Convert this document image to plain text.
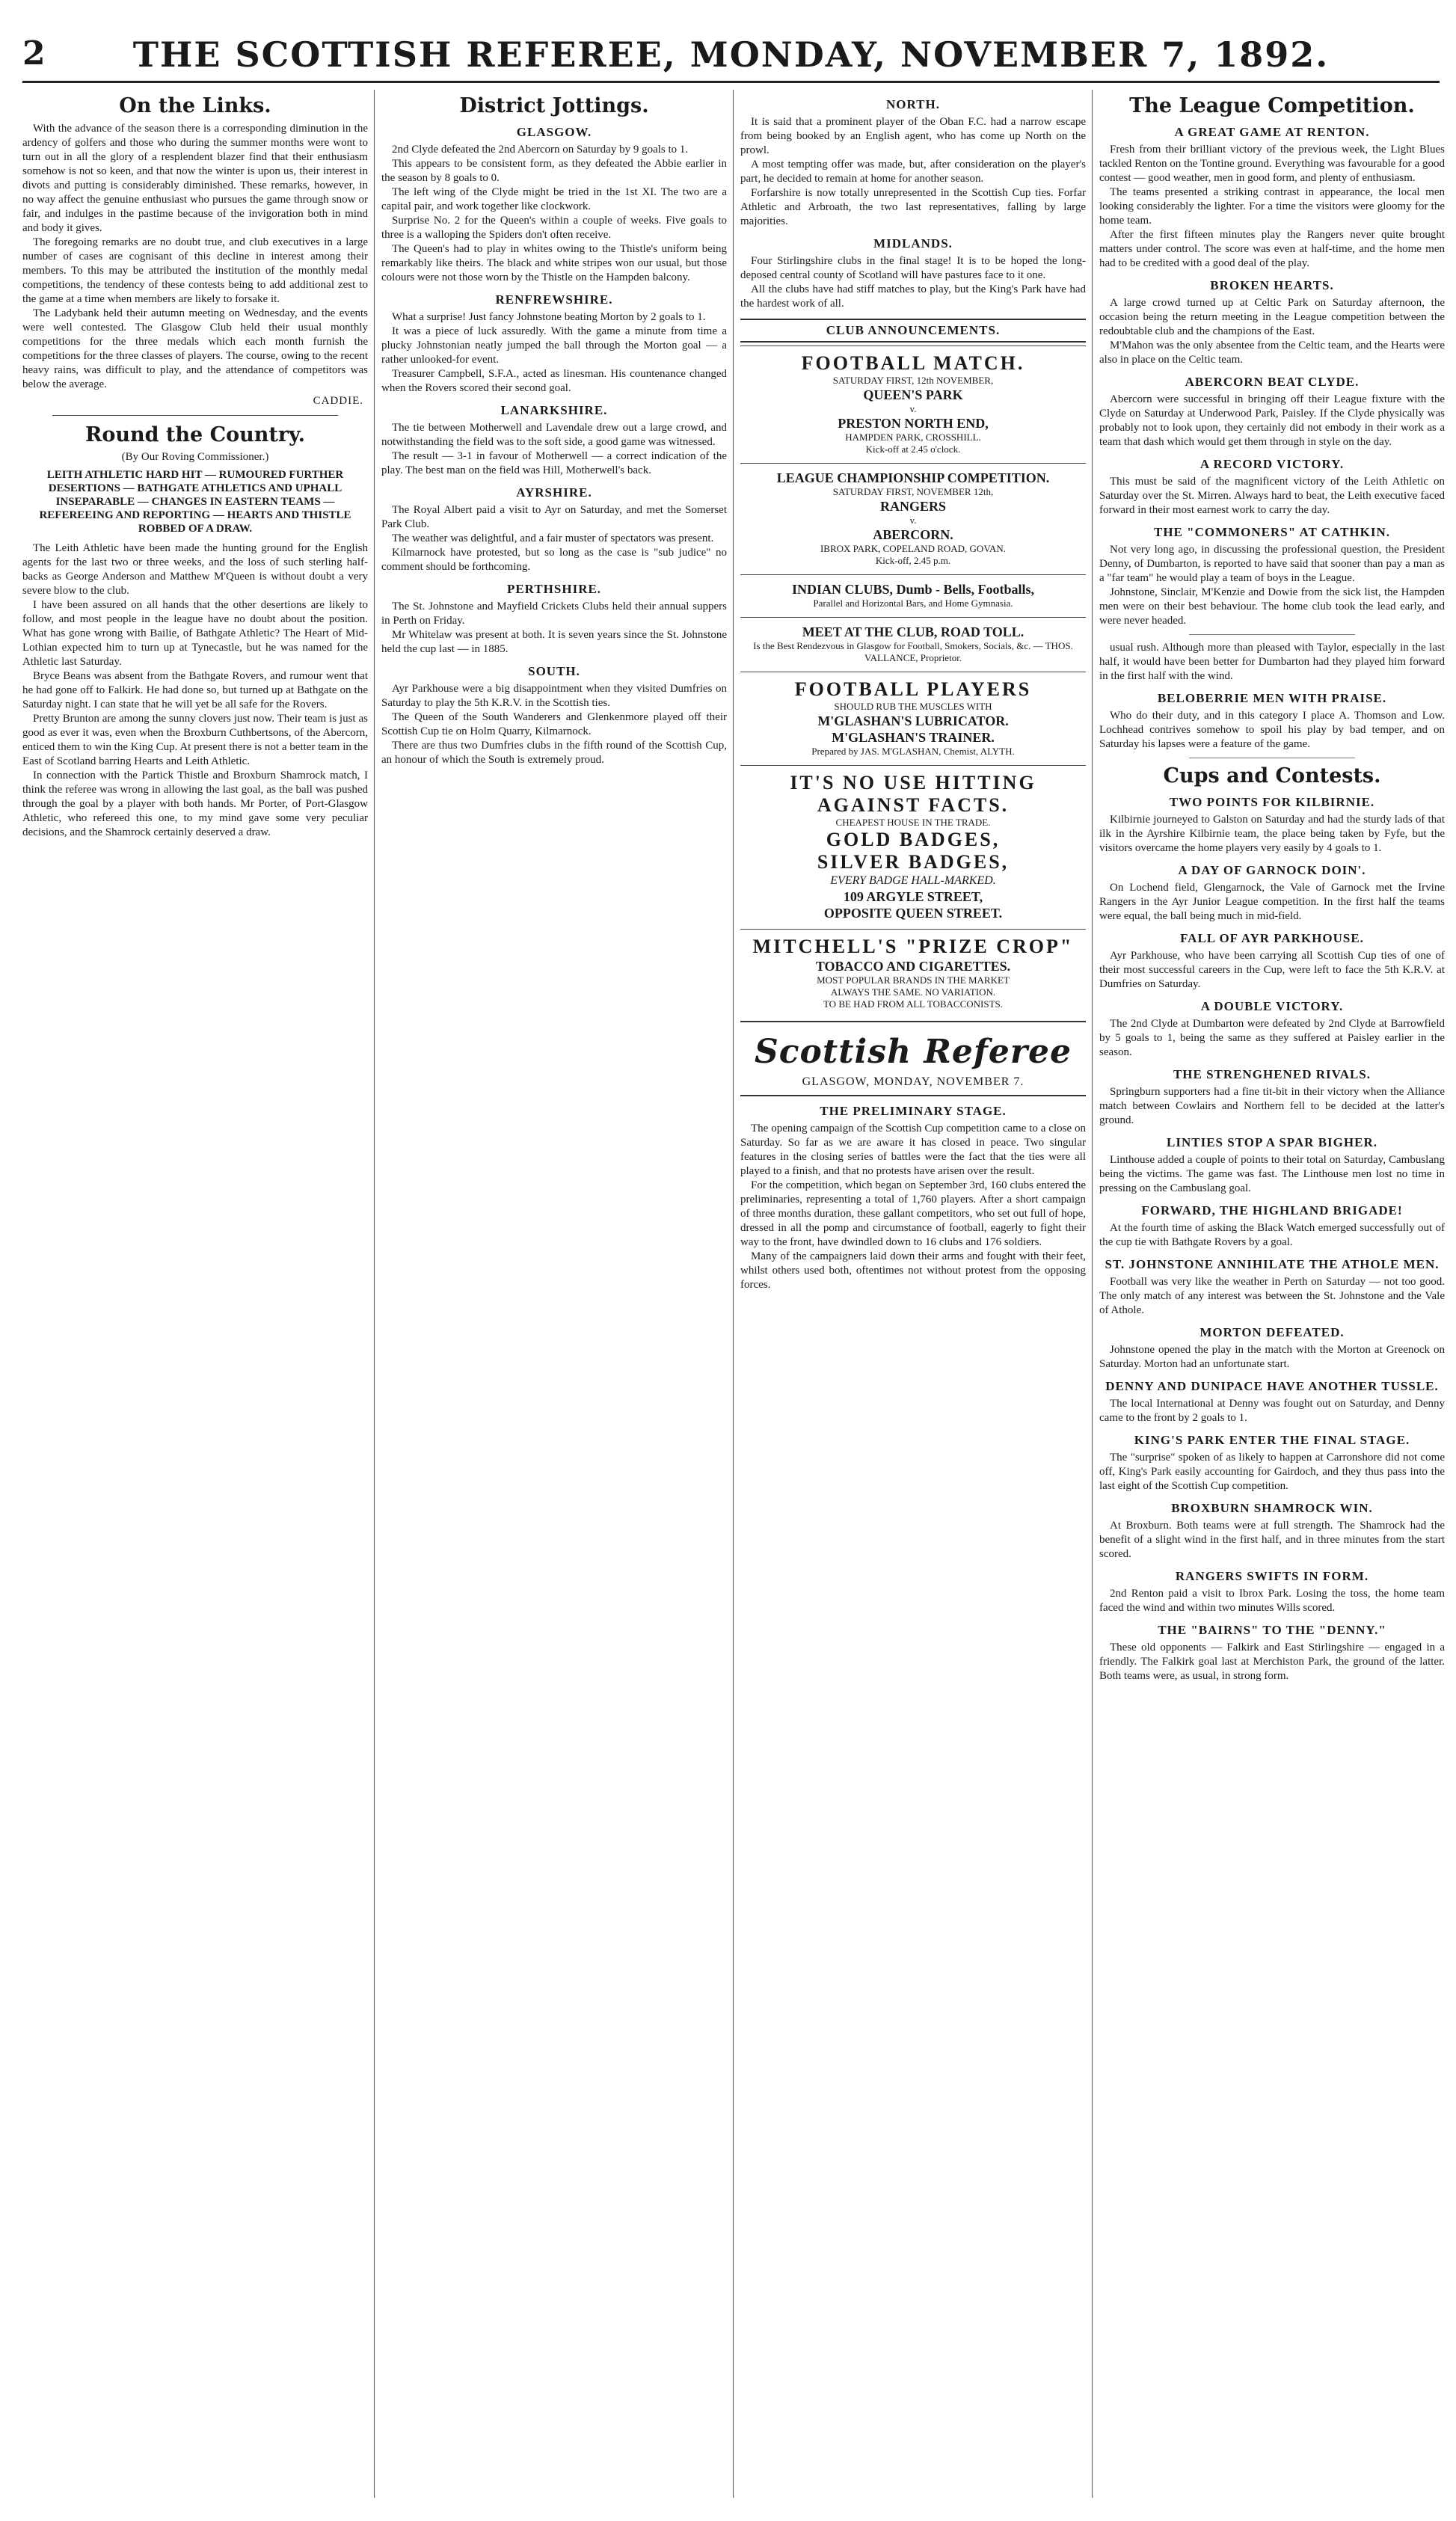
2	THE SCOTTISH REFEREE, MONDAY, NOVEMBER 7, 1892.
On the Links.

With the advance of the season there is a corresponding diminution in the ardency of golfers and those who during the summer months were wont to turn out in all the glory of a resplendent blazer find that their enthusiasm somehow is not so keen, and that now the winter is upon us, their interest in divots and putting is considerably diminished. These remarks, however, in no way affect the genuine enthusiast who pursues the game through snow or fair, and indulges in the pastime because of the invigoration both in mind and body it gives.

The foregoing remarks are no doubt true, and club executives in a large number of cases are cognisant of this decline in interest among their members. To this may be attributed the institution of the monthly medal competitions, the tendency of these contests being to add additional zest to the game at a time when members are likely to forsake it.

The Ladybank held their autumn meeting on Wednesday, and the events were well contested. The Glasgow Club held their usual monthly competitions for the three medals which each month furnish the competitions for the three classes of players. The course, owing to the recent heavy rains, was difficult to play, and the attendance of competitors was below the average.

CADDIE.
Round the Country.
(By Our Roving Commissioner.)
LEITH ATHLETIC HARD HIT — RUMOURED FURTHER DESERTIONS — BATHGATE ATHLETICS AND UPHALL INSEPARABLE — CHANGES IN EASTERN TEAMS — REFEREEING AND REPORTING — HEARTS AND THISTLE ROBBED OF A DRAW.

The Leith Athletic have been made the hunting ground for the English agents for the last two or three weeks, and the loss of such sterling half-backs as George Anderson and Matthew M'Queen is without doubt a very severe blow to the club.

I have been assured on all hands that the other desertions are likely to follow, and most people in the league have no doubt about the position. What has gone wrong with Bailie, of Bathgate Athletic? The Heart of Mid-Lothian expected him to turn up at Tynecastle, but he was named for the Athletic last Saturday.

Bryce Beans was absent from the Bathgate Rovers, and rumour went that he had gone off to Falkirk. He had done so, but turned up at Bathgate on the Saturday night. I can state that he will yet be all safe for the Rovers.

Pretty Brunton are among the sunny clovers just now. Their team is just as good as ever it was, even when the Broxburn Cuthbertsons, of the Abercorn, enticed them to win the King Cup. At present there is not a better team in the East of Scotland barring Hearts and Leith Athletic.

In connection with the Partick Thistle and Broxburn Shamrock match, I think the referee was wrong in allowing the last goal, as the ball was pushed through the goal by a player with both hands. Mr Porter, of Port-Glasgow Athletic, who refereed this one, to my mind gave some very peculiar decisions, and the Shamrock certainly deserved a draw.

District Jottings.
GLASGOW.

2nd Clyde defeated the 2nd Abercorn on Saturday by 9 goals to 1.

This appears to be consistent form, as they defeated the Abbie earlier in the season by 8 goals to 0.

The left wing of the Clyde might be tried in the 1st XI. The two are a capital pair, and work together like clockwork.

Surprise No. 2 for the Queen's within a couple of weeks. Five goals to three is a walloping the Spiders don't often receive.

The Queen's had to play in whites owing to the Thistle's uniform being remarkably like theirs. The black and white stripes won our usual, but those colours were not those worn by the Thistle on the Hampden balcony.

RENFREWSHIRE.

What a surprise! Just fancy Johnstone beating Morton by 2 goals to 1.

It was a piece of luck assuredly. With the game a minute from time a plucky Johnstonian neatly jumped the ball through the Morton goal — a rather unlooked-for event.

Treasurer Campbell, S.F.A., acted as linesman. His countenance changed when the Rovers scored their second goal.

LANARKSHIRE.

The tie between Motherwell and Lavendale drew out a large crowd, and notwithstanding the field was to the soft side, a good game was witnessed.

The result — 3-1 in favour of Motherwell — a correct indication of the play. The best man on the field was Hill, Motherwell's back.

AYRSHIRE.

The Royal Albert paid a visit to Ayr on Saturday, and met the Somerset Park Club.

The weather was delightful, and a fair muster of spectators was present.

Kilmarnock have protested, but so long as the case is "sub judice" no comment should be forthcoming.

PERTHSHIRE.

The St. Johnstone and Mayfield Crickets Clubs held their annual suppers in Perth on Friday.

Mr Whitelaw was present at both. It is seven years since the St. Johnstone held the cup last — in 1885.

SOUTH.

Ayr Parkhouse were a big disappointment when they visited Dumfries on Saturday to play the 5th K.R.V. in the Scottish ties.

The Queen of the South Wanderers and Glenkenmore played off their Scottish Cup tie on Holm Quarry, Kilmarnock.

There are thus two Dumfries clubs in the fifth round of the Scottish Cup, an honour of which the South is extremely proud.

NORTH.

It is said that a prominent player of the Oban F.C. had a narrow escape from being booked by an English agent, who has come up North on the prowl.

A most tempting offer was made, but, after consideration on the player's part, he decided to remain at home for another season.

Forfarshire is now totally unrepresented in the Scottish Cup ties. Forfar Athletic and Arbroath, the two last representatives, falling by large majorities.

MIDLANDS.

Four Stirlingshire clubs in the final stage! It is to be hoped the long-deposed central county of Scotland will have pastures face to it one.

All the clubs have had stiff matches to play, but the King's Park have had the hardest work of all.

CLUB ANNOUNCEMENTS.
FOOTBALL MATCH.
SATURDAY FIRST, 12th NOVEMBER,
QUEEN'S PARK
v.
PRESTON NORTH END,
HAMPDEN PARK, CROSSHILL.
Kick-off at 2.45 o'clock.
LEAGUE CHAMPIONSHIP COMPETITION.
SATURDAY FIRST, NOVEMBER 12th,
RANGERS
v.
ABERCORN.
IBROX PARK, COPELAND ROAD, GOVAN.
Kick-off, 2.45 p.m.
INDIAN CLUBS, Dumb - Bells, Footballs,
Parallel and Horizontal Bars, and Home Gymnasia.
MEET AT THE CLUB, ROAD TOLL.
Is the Best Rendezvous in Glasgow for Football, Smokers, Socials, &c. — THOS. VALLANCE, Proprietor.
FOOTBALL PLAYERS
SHOULD RUB THE MUSCLES WITH
M'GLASHAN'S LUBRICATOR.
M'GLASHAN'S TRAINER.
Prepared by JAS. M'GLASHAN, Chemist, ALYTH.
IT'S NO USE HITTING AGAINST FACTS.
CHEAPEST HOUSE IN THE TRADE.
GOLD BADGES,
SILVER BADGES,
EVERY BADGE HALL-MARKED.
109 ARGYLE STREET,
OPPOSITE QUEEN STREET.
MITCHELL'S "PRIZE CROP"
TOBACCO AND CIGARETTES.
MOST POPULAR BRANDS IN THE MARKET
ALWAYS THE SAME. NO VARIATION.
TO BE HAD FROM ALL TOBACCONISTS.
Scottish Referee
GLASGOW, MONDAY, NOVEMBER 7.
THE PRELIMINARY STAGE.

The opening campaign of the Scottish Cup competition came to a close on Saturday. So far as we are aware it has closed in peace. Two singular features in the closing series of battles were the fact that the ties were all played to a finish, and that no protests have arisen over the result.

For the competition, which began on September 3rd, 160 clubs entered the preliminaries, representing a total of 1,760 players. After a short campaign of three months duration, these gallant competitors, who set out full of hope, dressed in all the pomp and circumstance of football, eagerly to fight their way to the front, have dwindled down to 16 clubs and 176 soldiers.

Many of the campaigners laid down their arms and fought with their feet, whilst others used both, oftentimes not without protest from the opposing forces.

The League Competition.
A GREAT GAME AT RENTON.

Fresh from their brilliant victory of the previous week, the Light Blues tackled Renton on the Tontine ground. Everything was favourable for a good contest — good weather, men in good form, and plenty of enthusiasm.

The teams presented a striking contrast in appearance, the local men looking considerably the lighter. For a time the visitors were gloomy for the home team.

After the first fifteen minutes play the Rangers never quite brought matters under control. The score was even at half-time, and the home men had to be credited with a good deal of the play.

BROKEN HEARTS.

A large crowd turned up at Celtic Park on Saturday afternoon, the occasion being the return meeting in the League competition between the redoubtable club and the champions of the East.

M'Mahon was the only absentee from the Celtic team, and the Hearts were also in place on the Celtic team.

ABERCORN BEAT CLYDE.

Abercorn were successful in bringing off their League fixture with the Clyde on Saturday at Underwood Park, Paisley. If the Clyde physically was probably not to look upon, they certainly did not embody in their work as a team that dash which would get them through in style on the day.

A RECORD VICTORY.

This must be said of the magnificent victory of the Leith Athletic on Saturday over the St. Mirren. Always hard to beat, the Leith executive faced forward in their most earnest work to carry the day.

THE "COMMONERS" AT CATHKIN.

Not very long ago, in discussing the professional question, the President Denny, of Dumbarton, is reported to have said that sooner than pay a man as a "far team" he would play a team of boys in the League.

Johnstone, Sinclair, M'Kenzie and Dowie from the sick list, the Hampden men were on their best behaviour. The home club took the lead early, and were never headed.

usual rush. Although more than pleased with Taylor, especially in the last half, it would have been better for Dumbarton had they played him forward in the first half with the wind.

BELOBERRIE MEN WITH PRAISE.

Who do their duty, and in this category I place A. Thomson and Low. Lochhead contrives somehow to spoil his play by bad temper, and on Saturday his lapses were a feature of the game.

Cups and Contests.
TWO POINTS FOR KILBIRNIE.

Kilbirnie journeyed to Galston on Saturday and had the sturdy lads of that ilk in the Ayrshire Kilbirnie team, the place being taken by Fyfe, but the visitors overcame the home players very easily by 4 goals to 1.

A DAY OF GARNOCK DOIN'.

On Lochend field, Glengarnock, the Vale of Garnock met the Irvine Rangers in the Ayr Junior League competition. In the first half the teams were equal, the ball being much in mid-field.

FALL OF AYR PARKHOUSE.

Ayr Parkhouse, who have been carrying all Scottish Cup ties of one of their most successful careers in the Cup, were left to face the 5th K.R.V. at Dumfries on Saturday.

A DOUBLE VICTORY.

The 2nd Clyde at Dumbarton were defeated by 2nd Clyde at Barrowfield by 5 goals to 1, being the same as they suffered at Paisley earlier in the season.

THE STRENGHENED RIVALS.

Springburn supporters had a fine tit-bit in their victory when the Alliance match between Cowlairs and Northern fell to be decided at the latter's ground.

LINTIES STOP A SPAR BIGHER.

Linthouse added a couple of points to their total on Saturday, Cambuslang being the victims. The game was fast. The Linthouse men lost no time in pressing on the Cambuslang goal.

FORWARD, THE HIGHLAND BRIGADE!

At the fourth time of asking the Black Watch emerged successfully out of the cup tie with Bathgate Rovers by a goal.

ST. JOHNSTONE ANNIHILATE THE ATHOLE MEN.

Football was very like the weather in Perth on Saturday — not too good. The only match of any interest was between the St. Johnstone and the Vale of Athole.

MORTON DEFEATED.

Johnstone opened the play in the match with the Morton at Greenock on Saturday. Morton had an unfortunate start.

DENNY AND DUNIPACE HAVE ANOTHER TUSSLE.

The local International at Denny was fought out on Saturday, and Denny came to the front by 2 goals to 1.

KING'S PARK ENTER THE FINAL STAGE.

The "surprise" spoken of as likely to happen at Carronshore did not come off, King's Park easily accounting for Gairdoch, and they thus pass into the last eight of the Scottish Cup competition.

BROXBURN SHAMROCK WIN.

At Broxburn. Both teams were at full strength. The Shamrock had the benefit of a slight wind in the first half, and in three minutes from the start scored.

RANGERS SWIFTS IN FORM.

2nd Renton paid a visit to Ibrox Park. Losing the toss, the home team faced the wind and within two minutes Wills scored.

THE "BAIRNS" TO THE "DENNY."

These old opponents — Falkirk and East Stirlingshire — engaged in a friendly. The Falkirk goal last at Merchiston Park, the ground of the latter. Both teams were, as usual, in strong form.
